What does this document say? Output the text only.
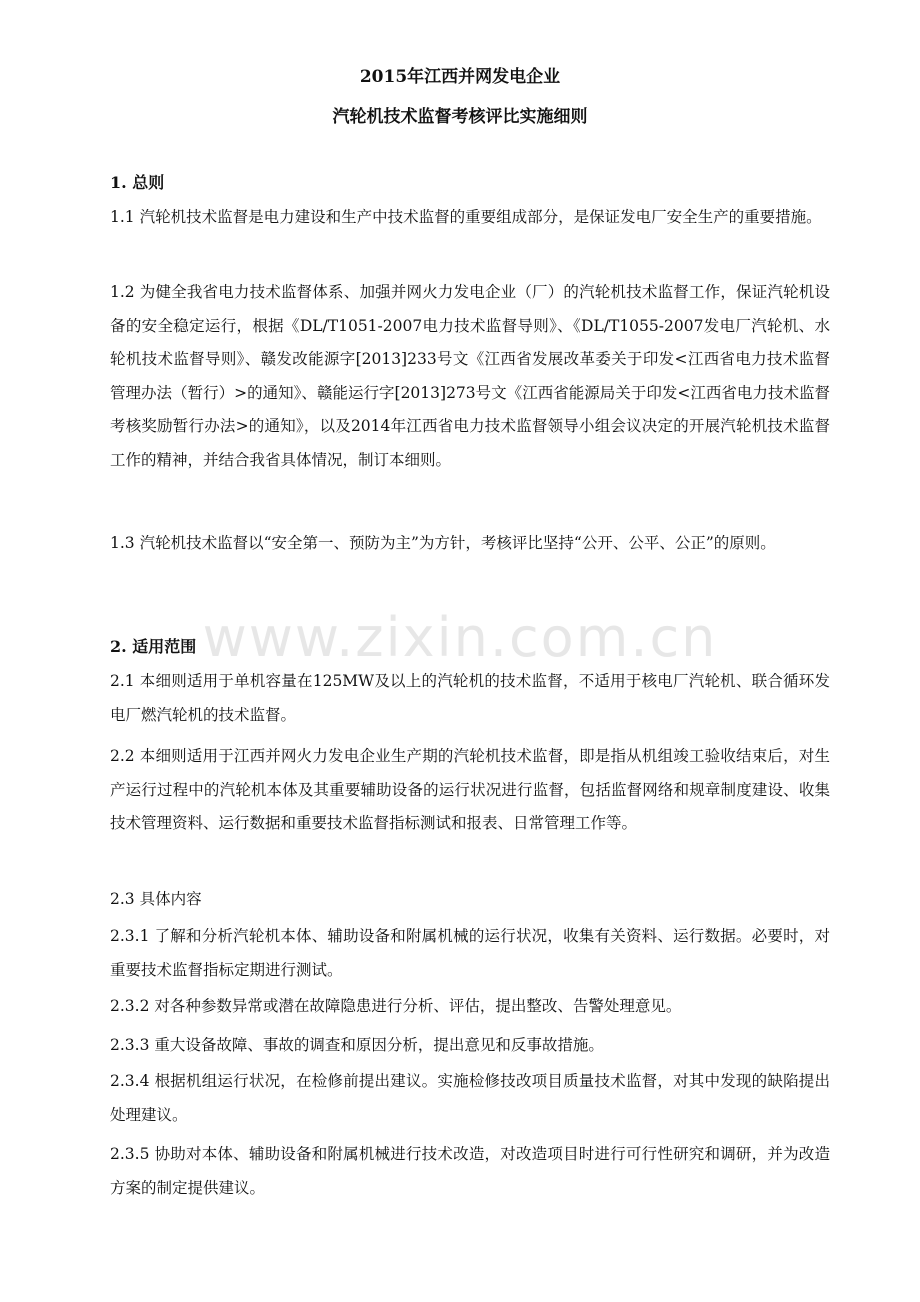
2015年江西并网发电企业
汽轮机技术监督考核评比实施细则
1. 总则

1.1 汽轮机技术监督是电力建设和生产中技术监督的重要组成部分，是保证发电厂安全生产的重要措施。

1.2 为健全我省电力技术监督体系、加强并网火力发电企业（厂）的汽轮机技术监督工作，保证汽轮机设备的安全稳定运行，根据《DL/T1051-2007电力技术监督导则》、《DL/T1055-2007发电厂汽轮机、水轮机技术监督导则》、赣发改能源字[2013]233号文《江西省发展改革委关于印发<江西省电力技术监督管理办法（暂行）>的通知》、赣能运行字[2013]273号文《江西省能源局关于印发<江西省电力技术监督考核奖励暂行办法>的通知》，以及2014年江西省电力技术监督领导小组会议决定的开展汽轮机技术监督工作的精神，并结合我省具体情况，制订本细则。

1.3 汽轮机技术监督以“安全第一、预防为主”为方针，考核评比坚持“公开、公平、公正”的原则。

2. 适用范围

2.1 本细则适用于单机容量在125MW及以上的汽轮机的技术监督，不适用于核电厂汽轮机、联合循环发电厂燃汽轮机的技术监督。

2.2 本细则适用于江西并网火力发电企业生产期的汽轮机技术监督，即是指从机组竣工验收结束后，对生产运行过程中的汽轮机本体及其重要辅助设备的运行状况进行监督，包括监督网络和规章制度建设、收集技术管理资料、运行数据和重要技术监督指标测试和报表、日常管理工作等。

2.3 具体内容

2.3.1 了解和分析汽轮机本体、辅助设备和附属机械的运行状况，收集有关资料、运行数据。必要时，对重要技术监督指标定期进行测试。

2.3.2 对各种参数异常或潜在故障隐患进行分析、评估，提出整改、告警处理意见。

2.3.3 重大设备故障、事故的调查和原因分析，提出意见和反事故措施。

2.3.4 根据机组运行状况，在检修前提出建议。实施检修技改项目质量技术监督，对其中发现的缺陷提出处理建议。

2.3.5 协助对本体、辅助设备和附属机械进行技术改造，对改造项目时进行可行性研究和调研，并为改造方案的制定提供建议。

www.zixin.com.cn
